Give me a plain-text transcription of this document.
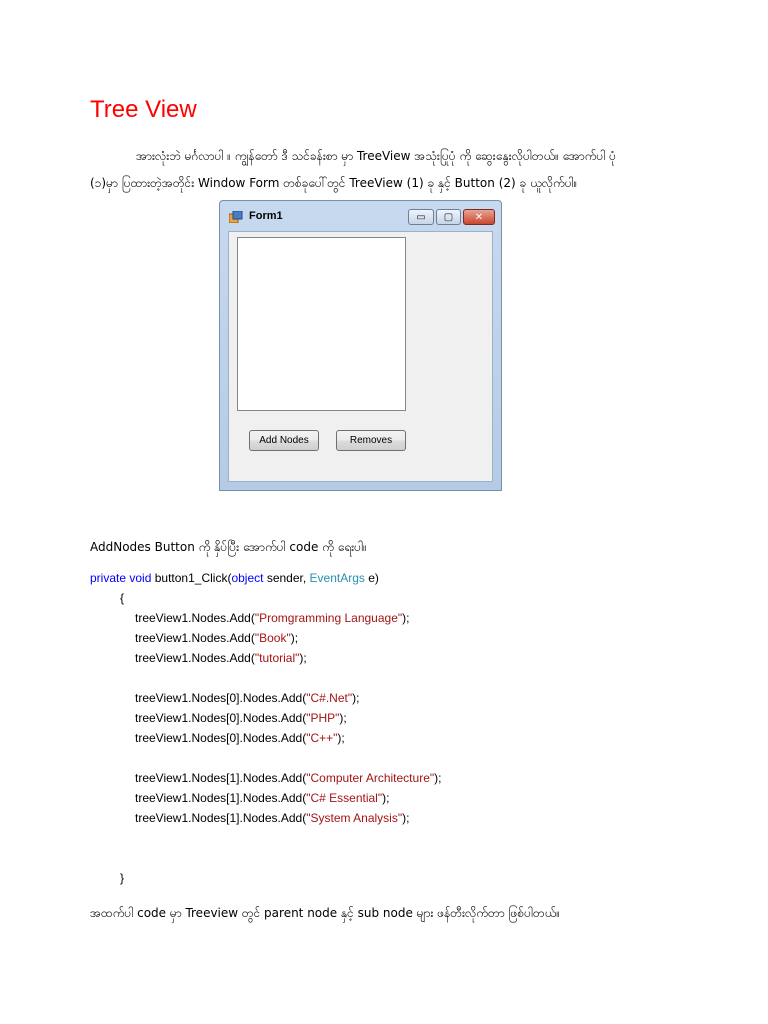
Tree View
အားလုံးဘဲ မင်္ဂလာပါ ။ ကျွန်တော် ဒီ သင်ခန်းစာ မှာ TreeView အသုံးပြုပုံ ကို ဆွေးနွေးလိုပါတယ်။ အောက်ပါ ပုံ
(၁)မှာ ပြထားတဲ့အတိုင်း Window Form တစ်ခုပေါ်တွင် TreeView (1) ခု နှင့် Button (2) ခု ယူလိုက်ပါ။
Form1	▭	▢	✕
Add Nodes	Removes
AddNodes Button ကို နှိပ်ပြီး အောက်ပါ code ကို ရေးပါ။
private void button1_Click(object sender, EventArgs e)
{
treeView1.Nodes.Add("Promgramming Language");
treeView1.Nodes.Add("Book");
treeView1.Nodes.Add("tutorial");
treeView1.Nodes[0].Nodes.Add("C#.Net");
treeView1.Nodes[0].Nodes.Add("PHP");
treeView1.Nodes[0].Nodes.Add("C++");
treeView1.Nodes[1].Nodes.Add("Computer Architecture");
treeView1.Nodes[1].Nodes.Add("C# Essential");
treeView1.Nodes[1].Nodes.Add("System Analysis");
}
အထက်ပါ code မှာ Treeview တွင် parent node နှင့် sub node များ ဖန်တီးလိုက်တာ ဖြစ်ပါတယ်။
